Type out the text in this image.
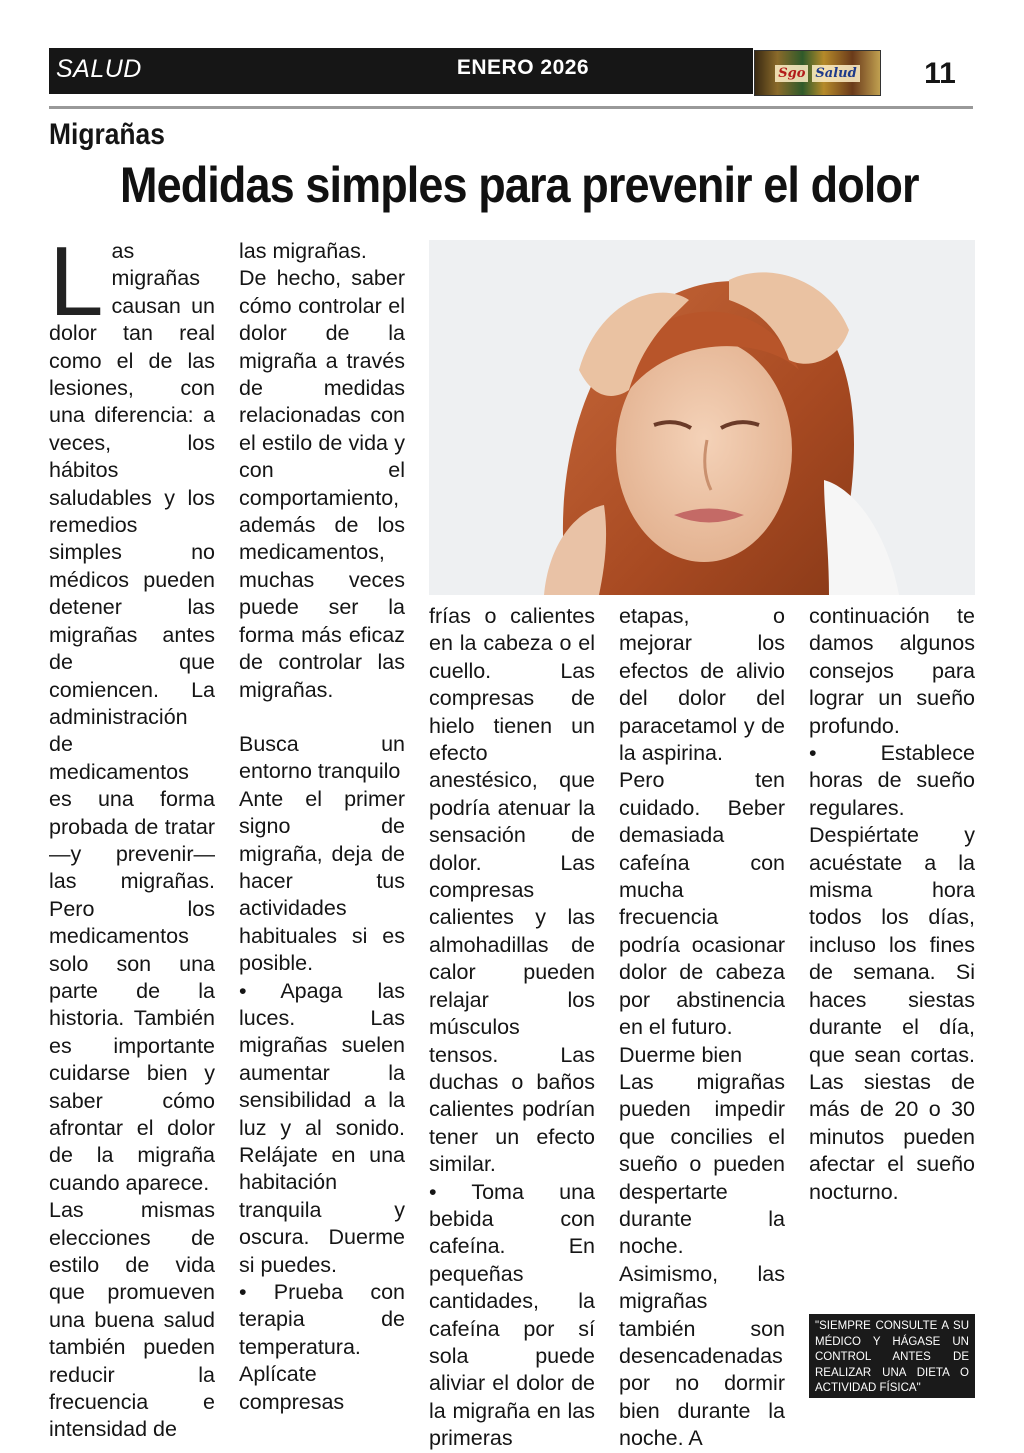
SALUD	ENERO 2026	Sgo Salud	11
Migrañas
Medidas simples para prevenir el dolor

L as migrañas causan un dolor tan real como el de las lesiones, con una diferencia: a veces, los hábitos saludables y los remedios simples no médicos pueden detener las migrañas antes de que comiencen. La administración de medicamentos es una forma probada de tratar —y prevenir— las migrañas. Pero los medicamentos solo son una parte de la historia. También es importante cuidarse bien y saber cómo afrontar el dolor de la migraña cuando aparece.

Las mismas elecciones de estilo de vida que promueven una buena salud también pueden reducir la frecuencia e intensidad de

las migrañas.

De hecho, saber cómo controlar el dolor de la migraña a través de medidas relacionadas con el estilo de vida y con el comportamiento, además de los medicamentos, muchas veces puede ser la forma más eficaz de controlar las migrañas.

Busca un entorno tranquilo

Ante el primer signo de migraña, deja de hacer tus actividades habituales si es posible.

• Apaga las luces. Las migrañas suelen aumentar la sensibilidad a la luz y al sonido. Relájate en una habitación tranquila y oscura. Duerme si puedes.

• Prueba con terapia de temperatura. Aplícate compresas

frías o calientes en la cabeza o el cuello. Las compresas de hielo tienen un efecto anestésico, que podría atenuar la sensación de dolor. Las compresas calientes y las almohadillas de calor pueden relajar los músculos tensos. Las duchas o baños calientes podrían tener un efecto similar.

• Toma una bebida con cafeína. En pequeñas cantidades, la cafeína por sí sola puede aliviar el dolor de la migraña en las primeras

etapas, o mejorar los efectos de alivio del dolor del paracetamol y de la aspirina.

Pero ten cuidado. Beber demasiada cafeína con mucha frecuencia podría ocasionar dolor de cabeza por abstinencia en el futuro.

Duerme bien

Las migrañas pueden impedir que concilies el sueño o pueden despertarte durante la noche. Asimismo, las migrañas también son desencadenadas por no dormir bien durante la noche. A

continuación te damos algunos consejos para lograr un sueño profundo.

• Establece horas de sueño regulares. Despiértate y acuéstate a la misma hora todos los días, incluso los fines de semana. Si haces siestas durante el día, que sean cortas. Las siestas de más de 20 o 30 minutos pueden afectar el sueño nocturno.

"SIEMPRE CONSULTE A SU MÉDICO Y HÁGASE UN CONTROL ANTES DE REALIZAR UNA DIETA O ACTIVIDAD FÍSICA"
